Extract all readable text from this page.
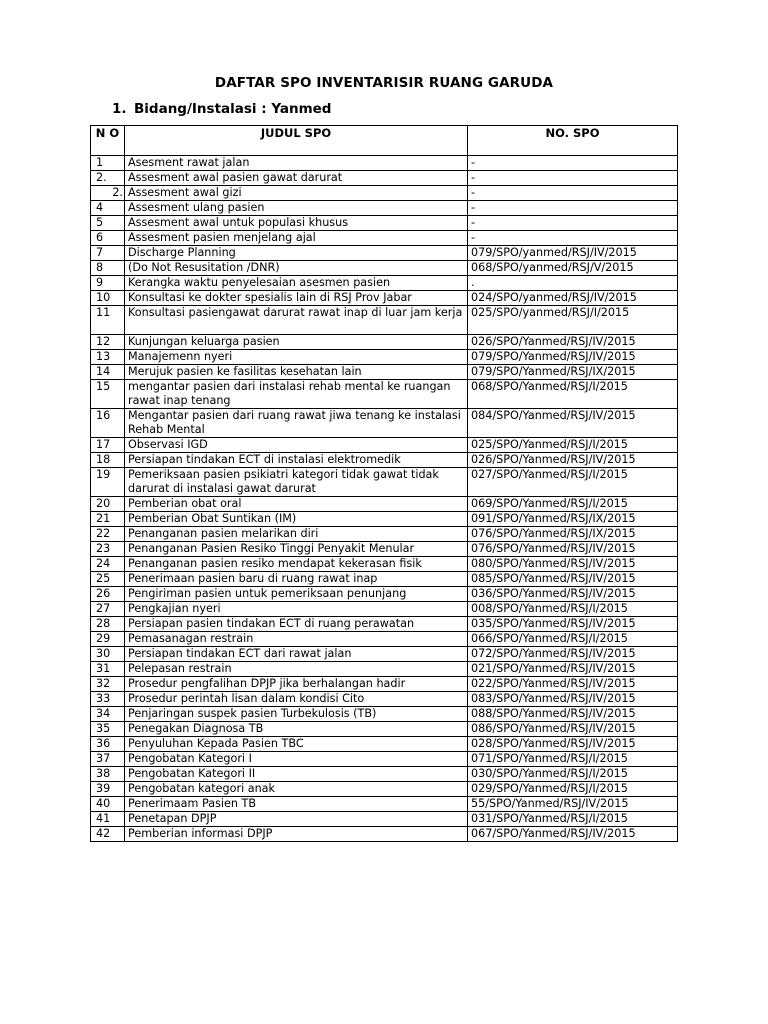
DAFTAR SPO INVENTARISIR RUANG GARUDA
1. Bidang/Instalasi : Yanmed
N O	JUDUL SPO	NO. SPO
1	Asesment rawat jalan	-
2.	Assesment awal pasien gawat darurat	-
2.	Assesment awal gizi	-
4	Assesment ulang pasien	-
5	Assesment awal untuk populasi khusus	-
6	Assesment pasien menjelang ajal	-
7	Discharge Planning	079/SPO/yanmed/RSJ/IV/2015
8	(Do Not Resusitation /DNR)	068/SPO/yanmed/RSJ/V/2015
9	Kerangka waktu penyelesaian asesmen pasien	.
10	Konsultasi ke dokter spesialis lain di RSJ Prov Jabar	024/SPO/yanmed/RSJ/IV/2015
11	Konsultasi pasiengawat darurat rawat inap di luar jam kerja	025/SPO/yanmed/RSJ/I/2015
12	Kunjungan keluarga pasien	026/SPO/Yanmed/RSJ/IV/2015
13	Manajemenn nyeri	079/SPO/Yanmed/RSJ/IV/2015
14	Merujuk pasien ke fasilitas kesehatan lain	079/SPO/Yanmed/RSJ/IX/2015
15	mengantar pasien dari instalasi rehab mental ke ruangan rawat inap tenang	068/SPO/Yanmed/RSJ/I/2015
16	Mengantar pasien dari ruang rawat jiwa tenang ke instalasi Rehab Mental	084/SPO/Yanmed/RSJ/IV/2015
17	Observasi IGD	025/SPO/Yanmed/RSJ/I/2015
18	Persiapan tindakan ECT di instalasi elektromedik	026/SPO/Yanmed/RSJ/IV/2015
19	Pemeriksaan pasien psikiatri kategori tidak gawat tidak darurat di instalasi gawat darurat	027/SPO/Yanmed/RSJ/I/2015
20	Pemberian obat oral	069/SPO/Yanmed/RSJ/I/2015
21	Pemberian Obat Suntikan (IM)	091/SPO/Yanmed/RSJ/IX/2015
22	Penanganan pasien melarikan diri	076/SPO/Yanmed/RSJ/IX/2015
23	Penanganan Pasien Resiko Tinggi Penyakit Menular	076/SPO/Yanmed/RSJ/IV/2015
24	Penanganan pasien resiko mendapat kekerasan fisik	080/SPO/Yanmed/RSJ/IV/2015
25	Penerimaan pasien baru di ruang rawat inap	085/SPO/Yanmed/RSJ/IV/2015
26	Pengiriman pasien untuk pemeriksaan penunjang	036/SPO/Yanmed/RSJ/IV/2015
27	Pengkajian nyeri	008/SPO/Yanmed/RSJ/I/2015
28	Persiapan pasien tindakan ECT di ruang perawatan	035/SPO/Yanmed/RSJ/IV/2015
29	Pemasanagan restrain	066/SPO/Yanmed/RSJ/I/2015
30	Persiapan tindakan ECT dari rawat jalan	072/SPO/Yanmed/RSJ/IV/2015
31	Pelepasan restrain	021/SPO/Yanmed/RSJ/IV/2015
32	Prosedur pengfalihan DPJP jika berhalangan hadir	022/SPO/Yanmed/RSJ/IV/2015
33	Prosedur perintah lisan dalam kondisi Cito	083/SPO/Yanmed/RSJ/IV/2015
34	Penjaringan suspek pasien Turbekulosis (TB)	088/SPO/Yanmed/RSJ/IV/2015
35	Penegakan Diagnosa TB	086/SPO/Yanmed/RSJ/IV/2015
36	Penyuluhan Kepada Pasien TBC	028/SPO/Yanmed/RSJ/IV/2015
37	Pengobatan Kategori I	071/SPO/Yanmed/RSJ/I/2015
38	Pengobatan Kategori II	030/SPO/Yanmed/RSJ/I/2015
39	Pengobatan kategori anak	029/SPO/Yanmed/RSJ/I/2015
40	Penerimaam Pasien TB	55/SPO/Yanmed/RSJ/IV/2015
41	Penetapan DPJP	031/SPO/Yanmed/RSJ/I/2015
42	Pemberian informasi DPJP	067/SPO/Yanmed/RSJ/IV/2015
